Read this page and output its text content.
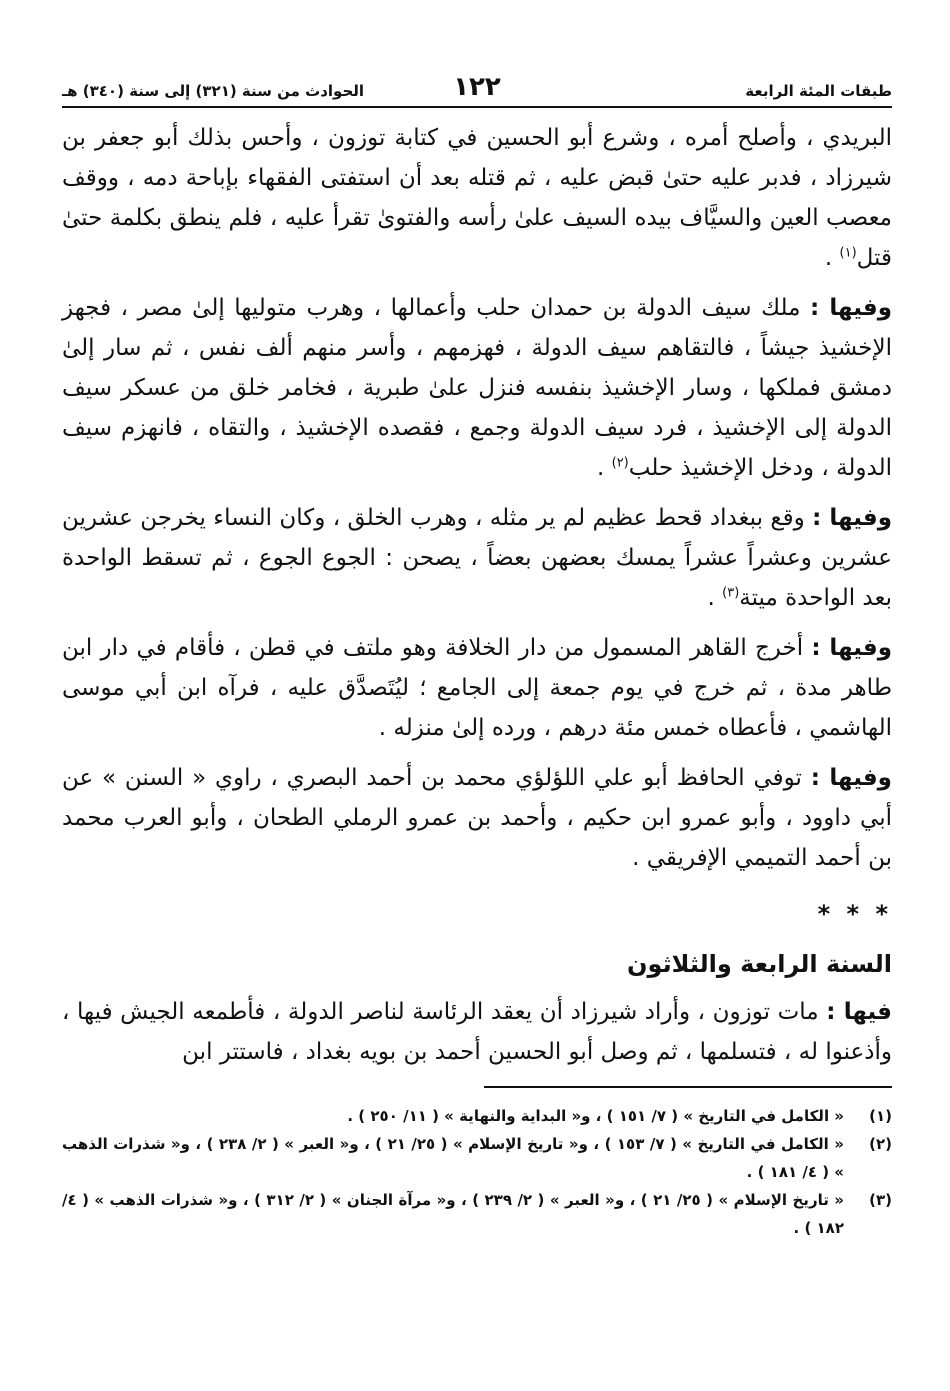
طبقات المئة الرابعة
١٢٢
الحوادث من سنة (٣٢١) إلى سنة (٣٤٠) هـ

البريدي ، وأصلح أمره ، وشرع أبو الحسين في كتابة توزون ، وأحس بذلك أبو جعفر بن شيرزاد ، فدبر عليه حتىٰ قبض عليه ، ثم قتله بعد أن استفتى الفقهاء بإباحة دمه ، ووقف معصب العين والسيَّاف بيده السيف علىٰ رأسه والفتوىٰ تقرأ عليه ، فلم ينطق بكلمة حتىٰ قتل$^{(١)}$ .

وفيها : ملك سيف الدولة بن حمدان حلب وأعمالها ، وهرب متوليها إلىٰ مصر ، فجهز الإخشيذ جيشاً ، فالتقاهم سيف الدولة ، فهزمهم ، وأسر منهم ألف نفس ، ثم سار إلىٰ دمشق فملكها ، وسار الإخشيذ بنفسه فنزل علىٰ طبرية ، فخامر خلق من عسكر سيف الدولة إلى الإخشيذ ، فرد سيف الدولة وجمع ، فقصده الإخشيذ ، والتقاه ، فانهزم سيف الدولة ، ودخل الإخشيذ حلب$^{(٢)}$ .

وفيها : وقع ببغداد قحط عظيم لم ير مثله ، وهرب الخلق ، وكان النساء يخرجن عشرين عشرين وعشراً عشراً يمسك بعضهن بعضاً ، يصحن : الجوع الجوع ، ثم تسقط الواحدة بعد الواحدة ميتة$^{(٣)}$ .

وفيها : أخرج القاهر المسمول من دار الخلافة وهو ملتف في قطن ، فأقام في دار ابن طاهر مدة ، ثم خرج في يوم جمعة إلى الجامع ؛ ليُتَصدَّق عليه ، فرآه ابن أبي موسى الهاشمي ، فأعطاه خمس مئة درهم ، ورده إلىٰ منزله .

وفيها : توفي الحافظ أبو علي اللؤلؤي محمد بن أحمد البصري ، راوي « السنن » عن أبي داوود ، وأبو عمرو ابن حكيم ، وأحمد بن عمرو الرملي الطحان ، وأبو العرب محمد بن أحمد التميمي الإفريقي .

* * *
السنة الرابعة والثلاثون

فيها : مات توزون ، وأراد شيرزاد أن يعقد الرئاسة لناصر الدولة ، فأطمعه الجيش فيها ، وأذعنوا له ، فتسلمها ، ثم وصل أبو الحسين أحمد بن بويه بغداد ، فاستتر ابن

(١)
« الكامل في التاريخ » ( ٧/ ١٥١ ) ، و« البداية والنهاية » ( ١١/ ٢٥٠ ) .
(٢)
« الكامل في التاريخ » ( ٧/ ١٥٣ ) ، و« تاريخ الإسلام » ( ٢٥/ ٢١ ) ، و« العبر » ( ٢/ ٢٣٨ ) ، و« شذرات الذهب » ( ٤/ ١٨١ ) .
(٣)
« تاريخ الإسلام » ( ٢٥/ ٢١ ) ، و« العبر » ( ٢/ ٢٣٩ ) ، و« مرآة الجنان » ( ٢/ ٣١٢ ) ، و« شذرات الذهب » ( ٤/ ١٨٢ ) .
